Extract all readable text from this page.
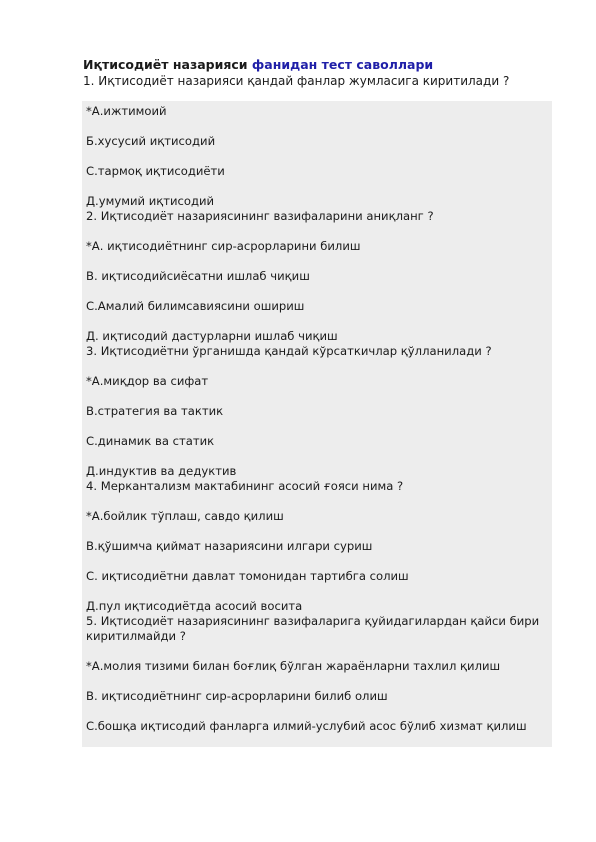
Иқтисодиёт назарияси фанидан тест саволлари
1. Иқтисодиёт назарияси қандай фанлар жумласига киритилади ?
*А.ижтимоий
Б.хусусий иқтисодий
С.тармоқ иқтисодиёти
Д.умумий иқтисодий
2. Иқтисодиёт назариясининг вазифаларини аниқланг ?
*А. иқтисодиётнинг сир-асрорларини билиш
В. иқтисодийсиёсатни ишлаб чиқиш
С.Амалий билимсавиясини ошириш
Д. иқтисодий дастурларни ишлаб чиқиш
3. Иқтисодиётни ўрганишда қандай кўрсаткичлар қўлланилади ?
*А.миқдор ва сифат
В.стратегия ва тактик
С.динамик ва статик
Д.индуктив ва дедуктив
4. Меркантализм мактабининг асосий ғояси нима ?
*А.бойлик тўплаш, савдо қилиш
В.қўшимча қиймат назариясини илгари суриш
С. иқтисодиётни давлат томонидан тартибга солиш
Д.пул иқтисодиётда асосий восита
5. Иқтисодиёт назариясининг вазифаларига қуйидагилардан қайси бири киритилмайди ?
*А.молия тизими билан боғлиқ бўлган жараёнларни тахлил қилиш
В. иқтисодиётнинг сир-асрорларини билиб олиш
С.бошқа иқтисодий фанларга илмий-услубий асос бўлиб хизмат қилиш
